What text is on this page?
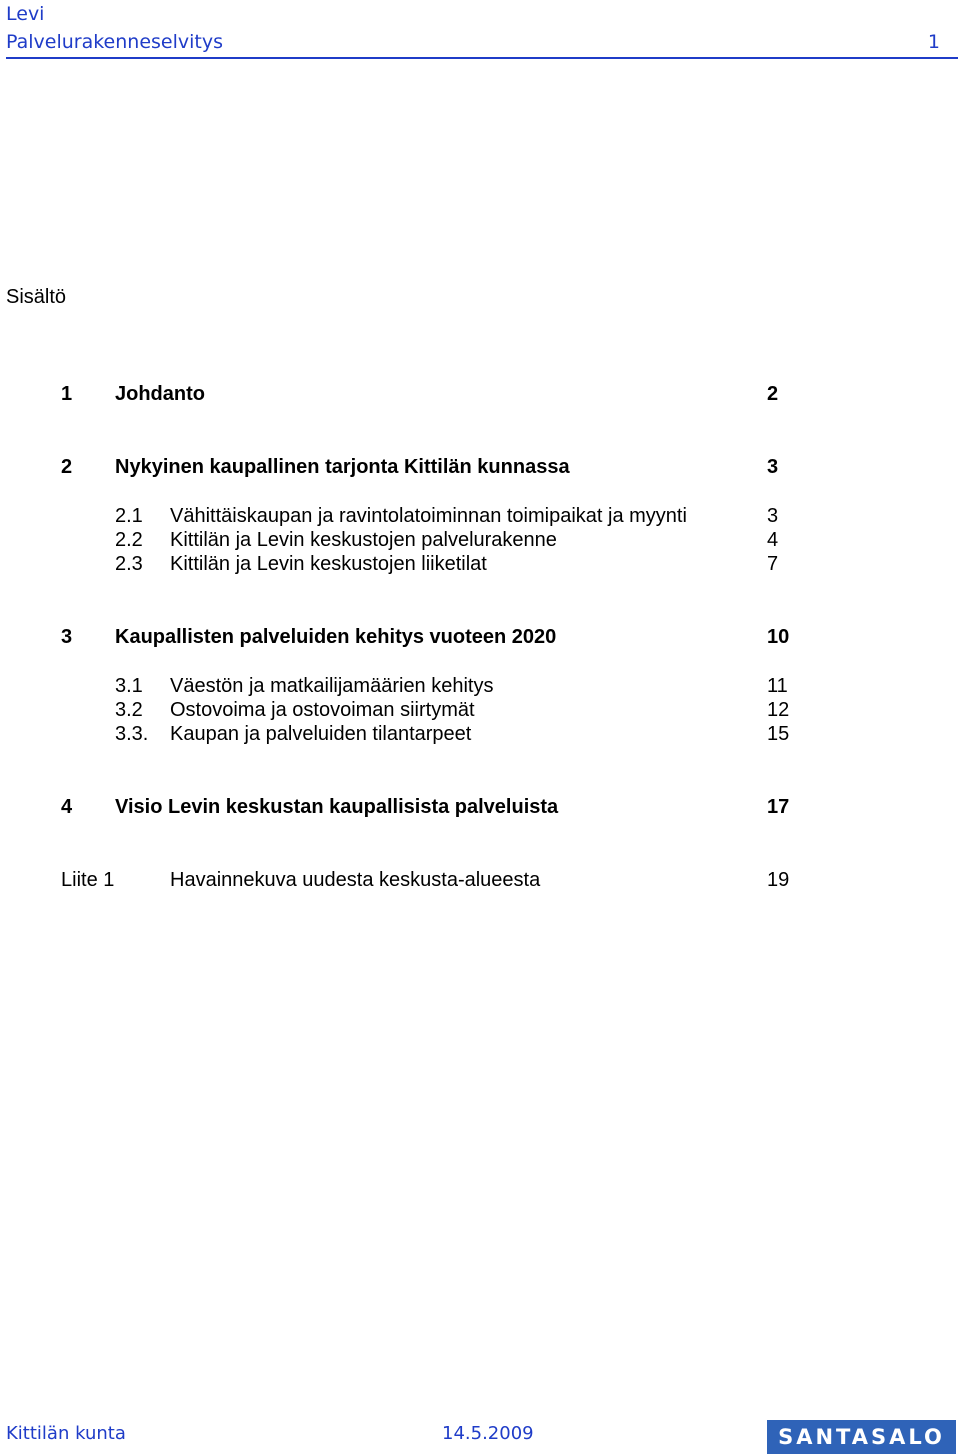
Levi
Palvelurakenneselvitys	1
Sisältö
1 Johdanto	2
2 Nykyinen kaupallinen tarjonta Kittilän kunnassa	3
2.1 Vähittäiskaupan ja ravintolatoiminnan toimipaikat ja myynti	3
2.2 Kittilän ja Levin keskustojen palvelurakenne	4
2.3 Kittilän ja Levin keskustojen liiketilat	7
3 Kaupallisten palveluiden kehitys vuoteen 2020	10
3.1 Väestön ja matkailijamäärien kehitys	11
3.2 Ostovoima ja ostovoiman siirtymät	12
3.3. Kaupan ja palveluiden tilantarpeet	15
4 Visio Levin keskustan kaupallisista palveluista	17
Liite 1	Havainnekuva uudesta keskusta-alueesta	19
Kittilän kunta	14.5.2009	SANTASALO
